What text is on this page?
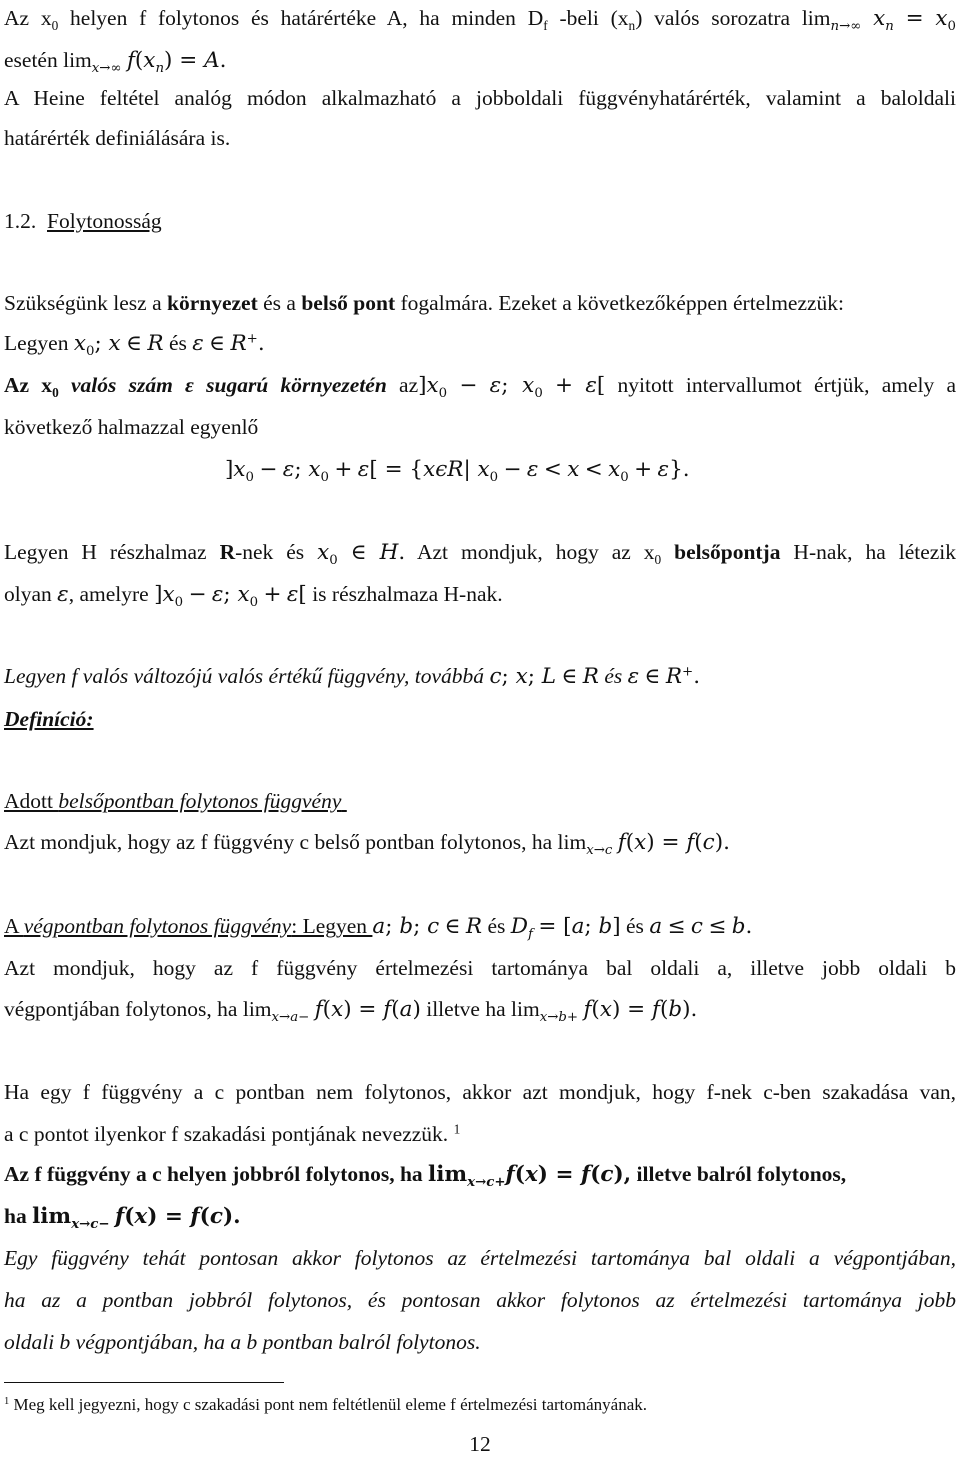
Az $x_0$ helyen f folytonos és határértéke A, ha minden $D_f$ -beli $(x_n)$ valós sorozatra $\lim_{n\to\infty} x_n = x_0$
esetén $\lim_{x\to\infty} f(x_n) = A$.
A Heine feltétel analóg módon alkalmazható a jobboldali függvényhatárérték, valamint a baloldali
határérték definiálására is.
1.2. Folytonosság
Szükségünk lesz a környezet és a belső pont fogalmára. Ezeket a következőképpen értelmezzük:
Legyen $x_0$; x ∈ R és ε ∈ R+.
Az $x_0$ valós szám ε sugarú környezetén $az]x_0 - \varepsilon$; $x_0 + \varepsilon$[ nyitott intervallumot értjük, amely a
következő halmazzal egyenlő
]$x_0 - \varepsilon$; $x_0 + \varepsilon[ = \{x\epsilon R|$ $x_0 - \varepsilon < x < x_0 + \varepsilon$}.
Legyen H részhalmaz R-nek és $x_0$ ∈ H. Azt mondjuk, hogy az $x_0$ belsőpontja H-nak, ha létezik
olyan ε, amelyre ]$x_0 - \varepsilon$; $x_0 + \varepsilon$[ is részhalmaza H-nak.
Legyen f valós változójú valós értékű függvény, továbbá c; x; L ∈ R és ε ∈ R+.
Definíció:
Adott belsőpontban folytonos függvény
Azt mondjuk, hogy az f függvény c belső pontban folytonos, ha $\lim_{x\to c} f(x) = f(c)$.
A végpontban folytonos függvény: Legyen a; b; c ∈ R és $D_f = [a$; b] és a ≤ c ≤ b.
Azt mondjuk, hogy az f függvény értelmezési tartománya bal oldali a, illetve jobb oldali b
végpontjában folytonos, ha $\lim_{x\to a-} f(x) = f(a)$ illetve ha $\lim_{x\to b+} f(x) = f(b)$.
Ha egy f függvény a c pontban nem folytonos, akkor azt mondjuk, hogy f-nek c-ben szakadása van,
a c pontot ilyenkor f szakadási pontjának nevezzük. $^1$
Az f függvény a c helyen jobbról folytonos, ha $\lim_{x\to c+}f(x) = f(c)$, illetve balról folytonos,
ha $\lim_{x\to c-} f(x) = f(c)$.
Egy függvény tehát pontosan akkor folytonos az értelmezési tartománya bal oldali a végpontjában,
ha az a pontban jobbról folytonos, és pontosan akkor folytonos az értelmezési tartománya jobb
oldali b végpontjában, ha a b pontban balról folytonos.
$^1$ Meg kell jegyezni, hogy c szakadási pont nem feltétlenül eleme f értelmezési tartományának.
12
